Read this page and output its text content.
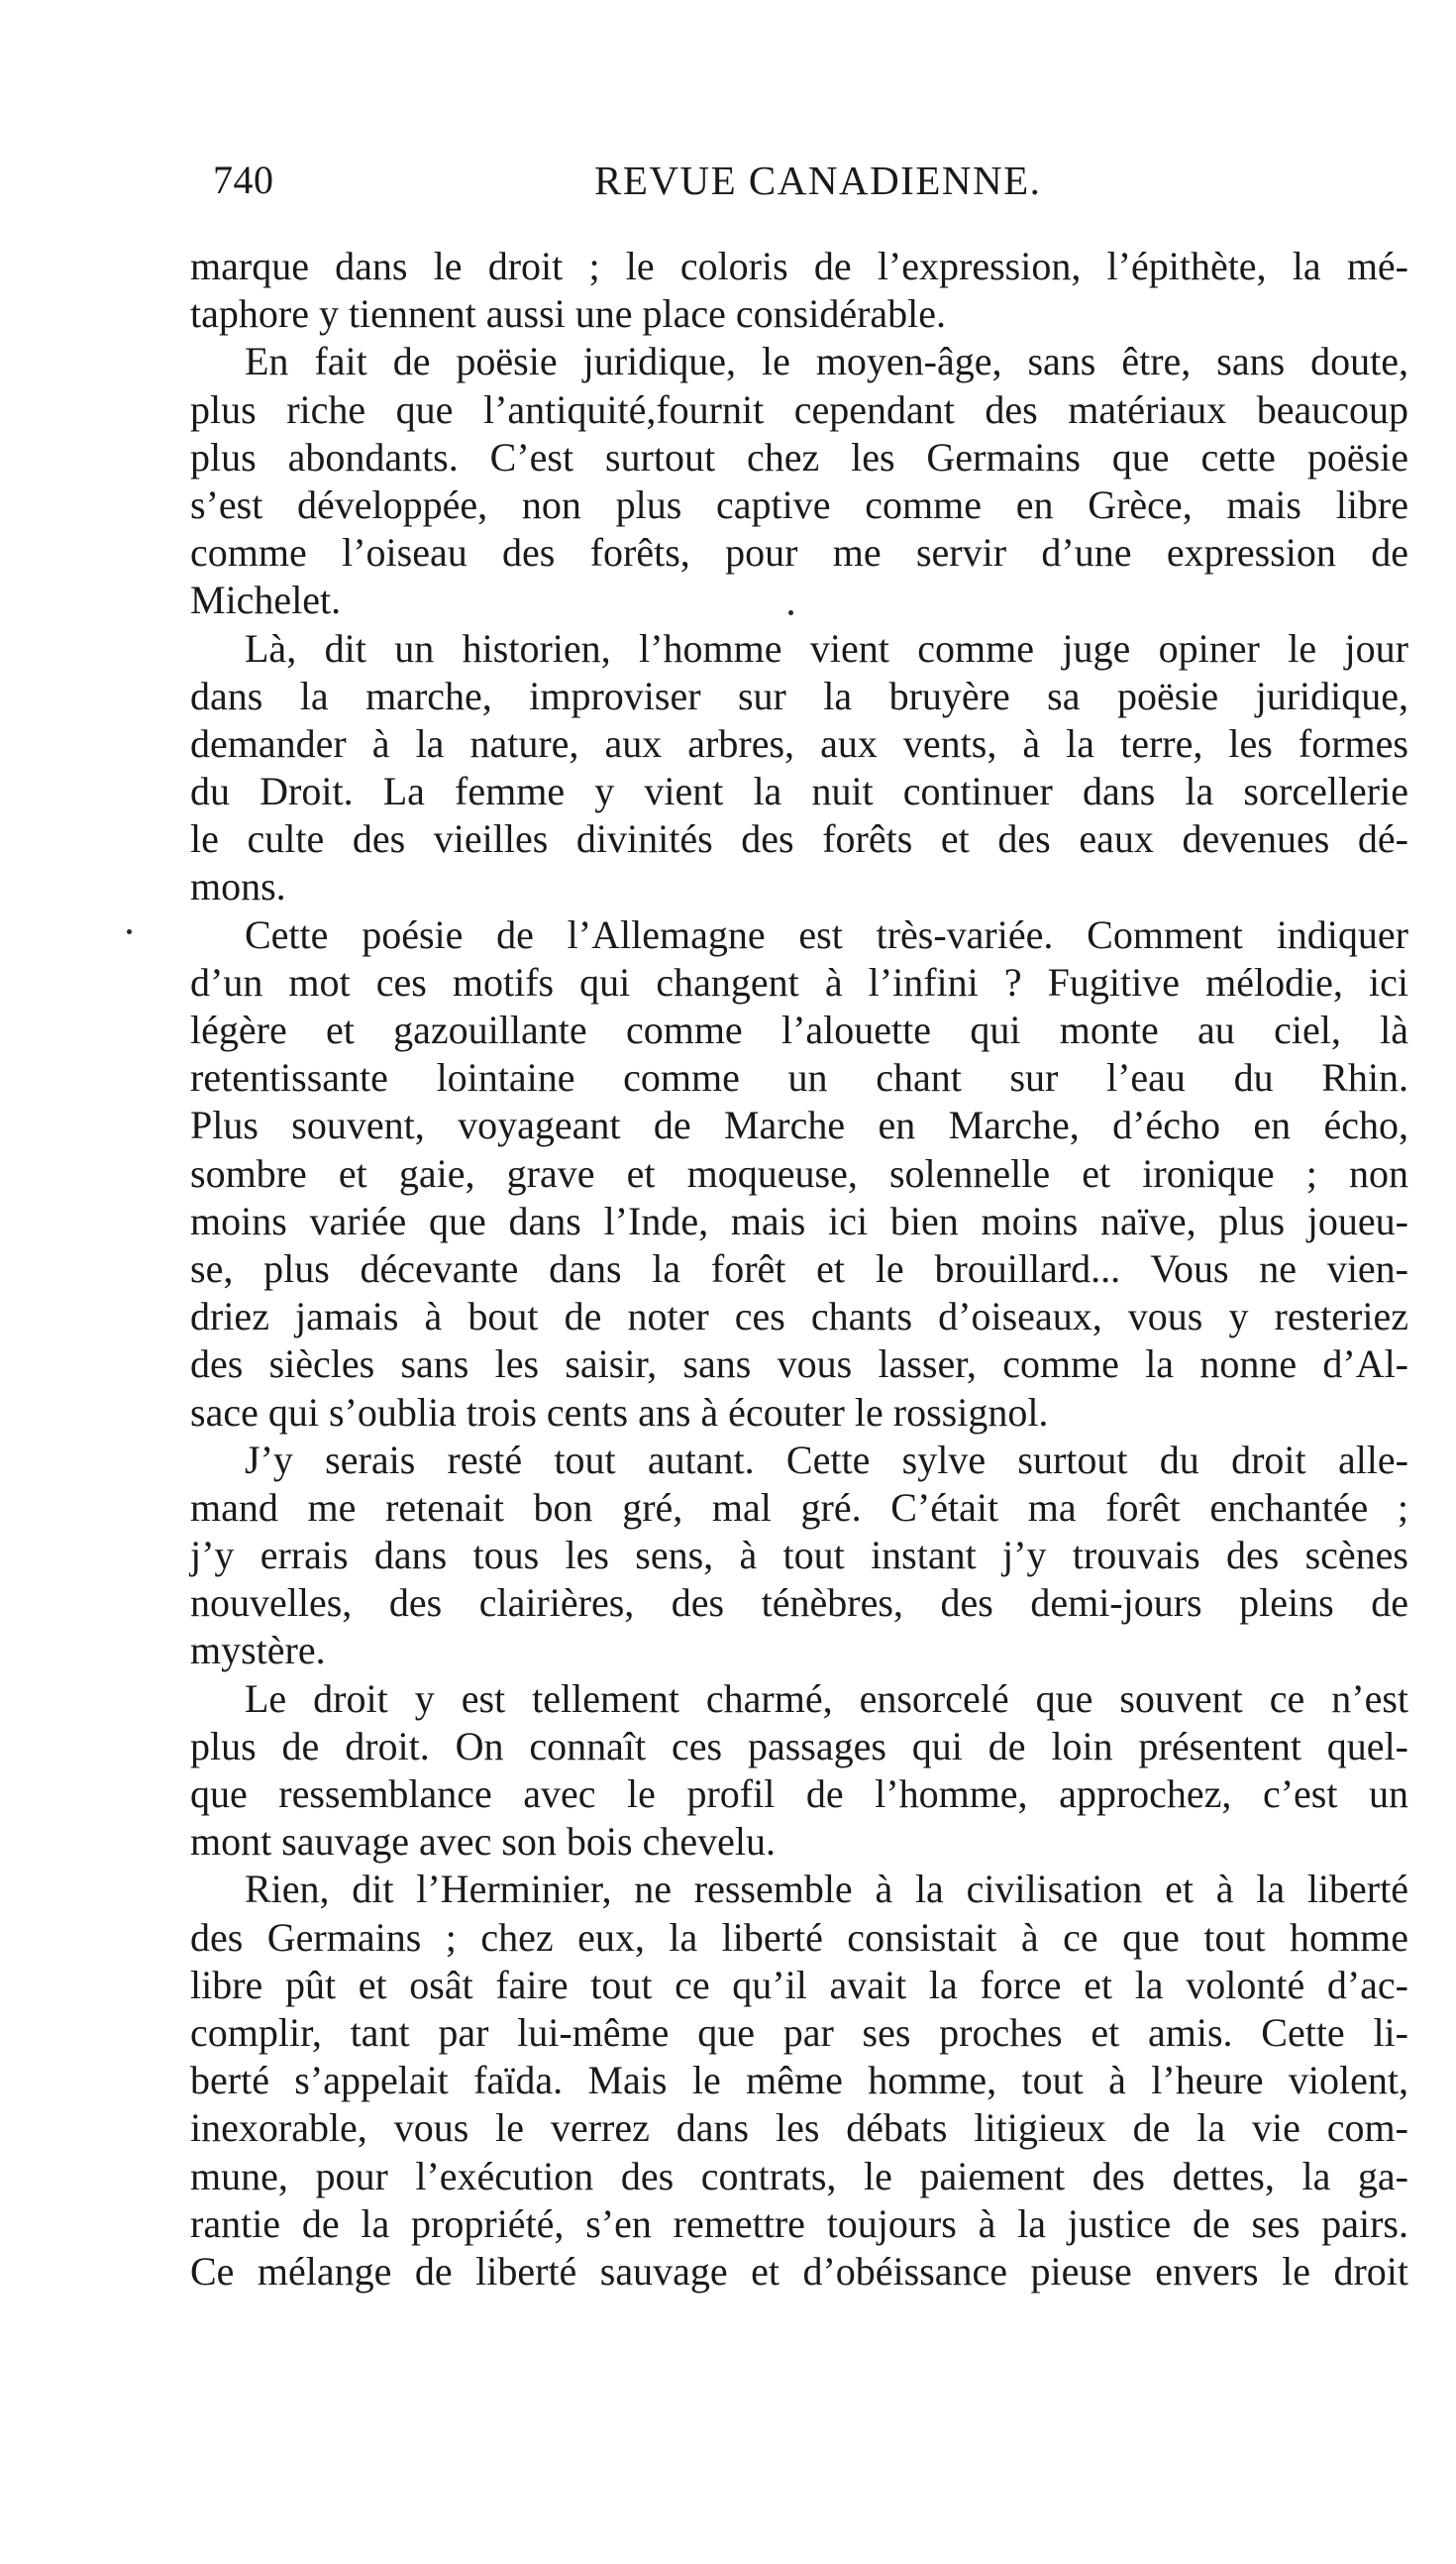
740	REVUE CANADIENNE.
marque dans le droit ; le coloris de l’expression, l’épithète, la mé-
taphore y tiennent aussi une place considérable.
En fait de poësie juridique, le moyen-âge, sans être, sans doute,
plus riche que l’antiquité,fournit cependant des matériaux beaucoup
plus abondants. C’est surtout chez les Germains que cette poësie
s’est développée, non plus captive comme en Grèce, mais libre
comme l’oiseau des forêts, pour me servir d’une expression de
Michelet.
Là, dit un historien, l’homme vient comme juge opiner le jour
dans la marche, improviser sur la bruyère sa poësie juridique,
demander à la nature, aux arbres, aux vents, à la terre, les formes
du Droit. La femme y vient la nuit continuer dans la sorcellerie
le culte des vieilles divinités des forêts et des eaux devenues dé-
mons.
Cette poésie de l’Allemagne est très-variée. Comment indiquer
d’un mot ces motifs qui changent à l’infini ? Fugitive mélodie, ici
légère et gazouillante comme l’alouette qui monte au ciel, là
retentissante lointaine comme un chant sur l’eau du Rhin.
Plus souvent, voyageant de Marche en Marche, d’écho en écho,
sombre et gaie, grave et moqueuse, solennelle et ironique ; non
moins variée que dans l’Inde, mais ici bien moins naïve, plus joueu-
se, plus décevante dans la forêt et le brouillard... Vous ne vien-
driez jamais à bout de noter ces chants d’oiseaux, vous y resteriez
des siècles sans les saisir, sans vous lasser, comme la nonne d’Al-
sace qui s’oublia trois cents ans à écouter le rossignol.
J’y serais resté tout autant. Cette sylve surtout du droit alle-
mand me retenait bon gré, mal gré. C’était ma forêt enchantée ;
j’y errais dans tous les sens, à tout instant j’y trouvais des scènes
nouvelles, des clairières, des ténèbres, des demi-jours pleins de
mystère.
Le droit y est tellement charmé, ensorcelé que souvent ce n’est
plus de droit. On connaît ces passages qui de loin présentent quel-
que ressemblance avec le profil de l’homme, approchez, c’est un
mont sauvage avec son bois chevelu.
Rien, dit l’Herminier, ne ressemble à la civilisation et à la liberté
des Germains ; chez eux, la liberté consistait à ce que tout homme
libre pût et osât faire tout ce qu’il avait la force et la volonté d’ac-
complir, tant par lui-même que par ses proches et amis. Cette li-
berté s’appelait faïda. Mais le même homme, tout à l’heure violent,
inexorable, vous le verrez dans les débats litigieux de la vie com-
mune, pour l’exécution des contrats, le paiement des dettes, la ga-
rantie de la propriété, s’en remettre toujours à la justice de ses pairs.
Ce mélange de liberté sauvage et d’obéissance pieuse envers le droit
